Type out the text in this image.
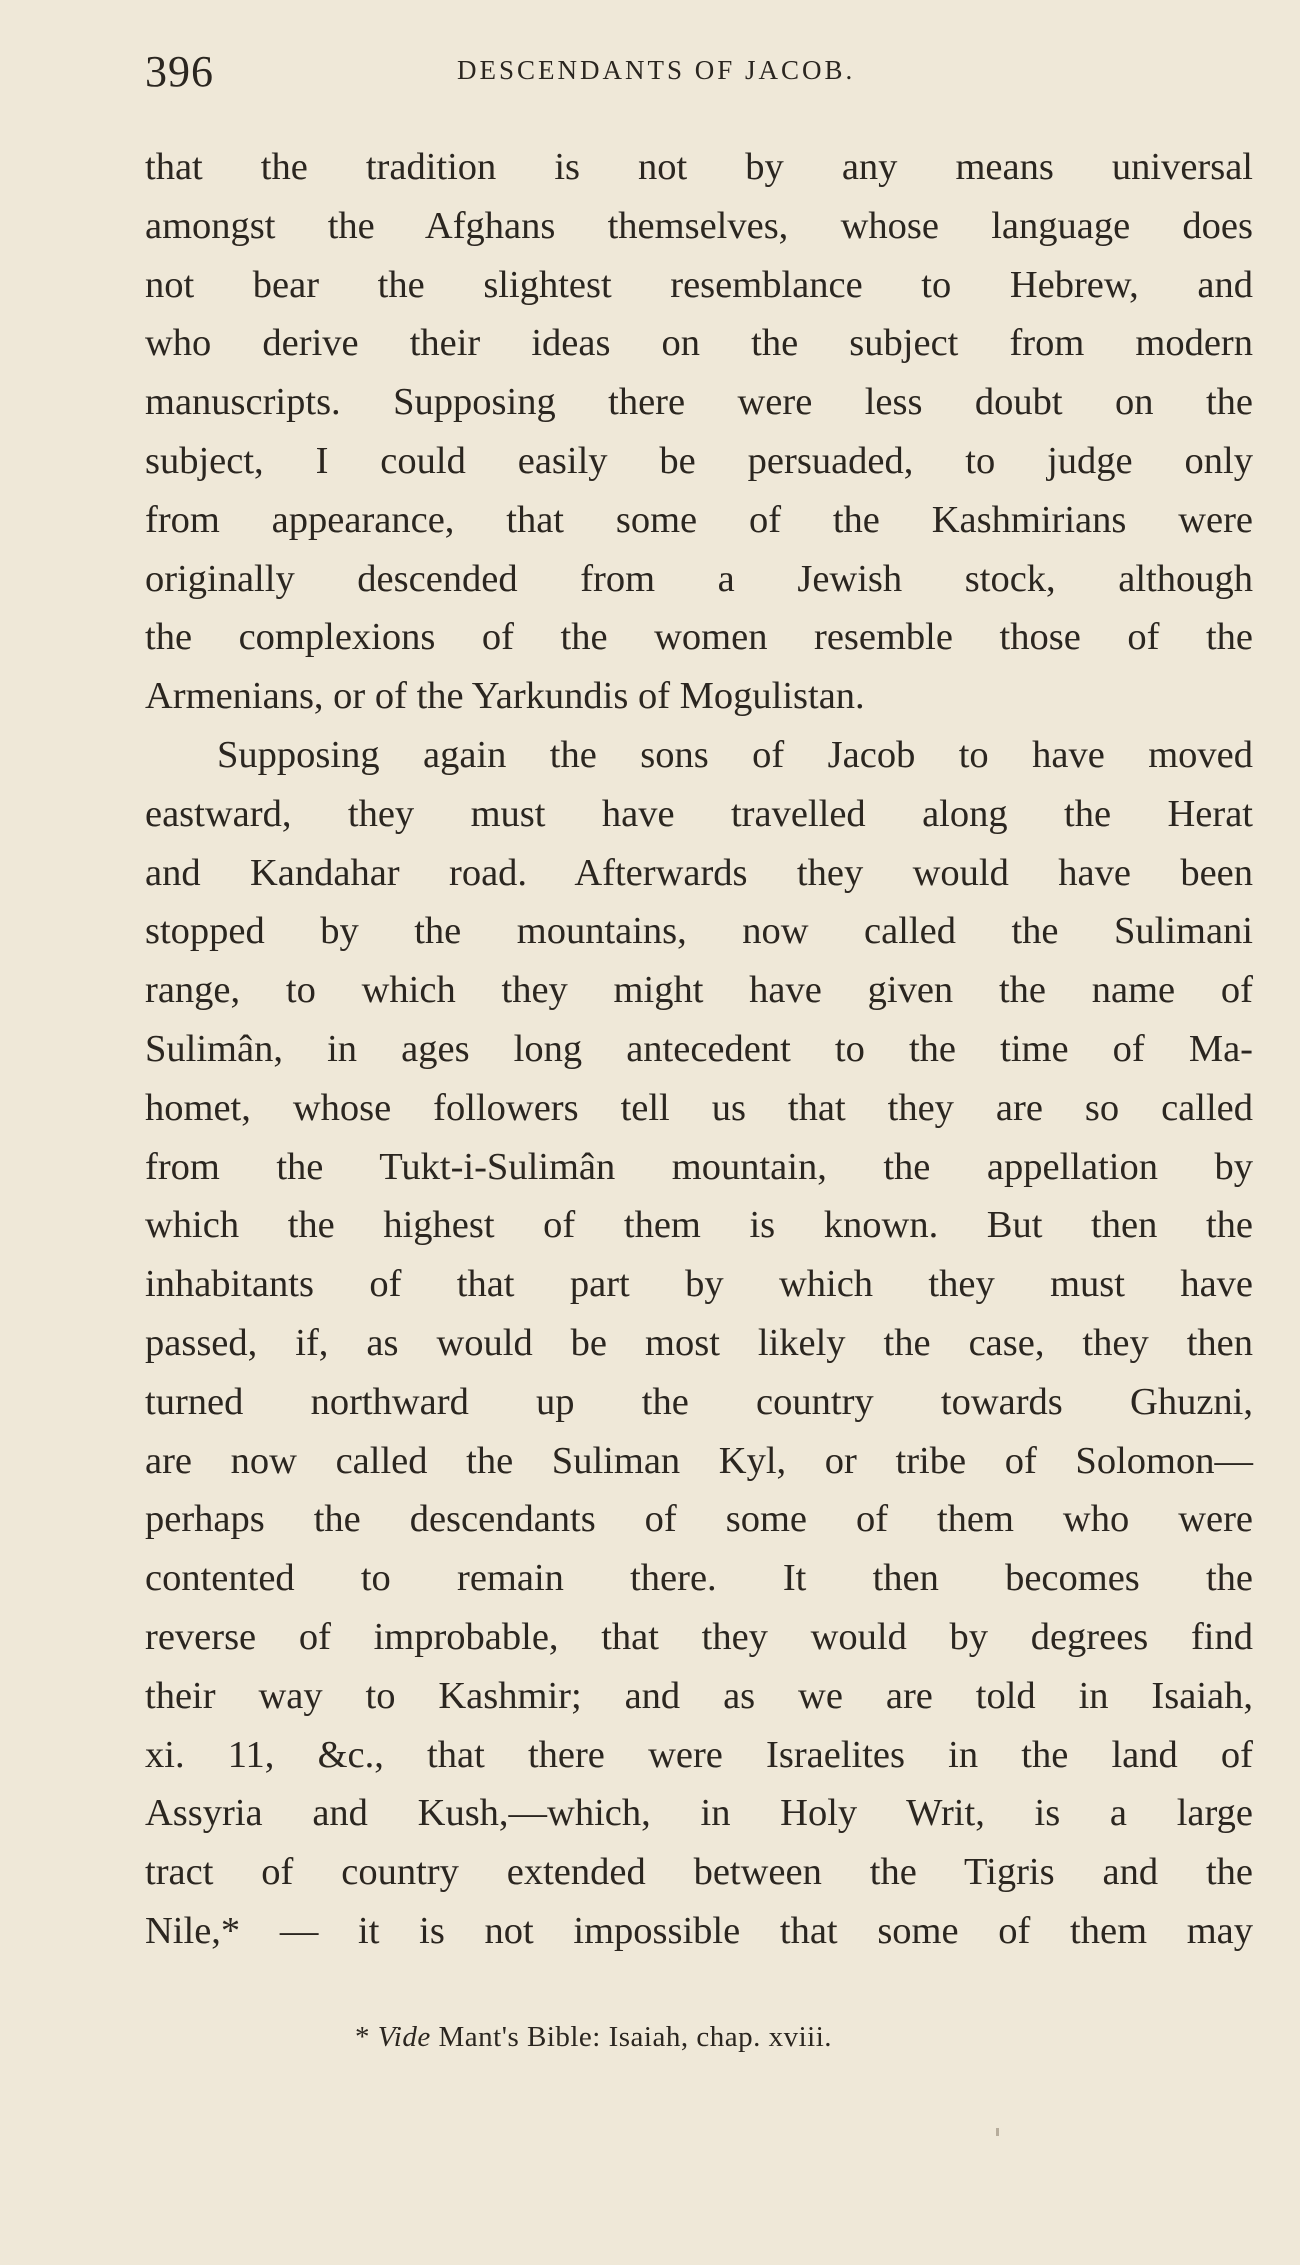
396	DESCENDANTS OF JACOB.
that the tradition is not by any means universal
amongst the Afghans themselves, whose language does
not bear the slightest resemblance to Hebrew, and
who derive their ideas on the subject from modern
manuscripts. Supposing there were less doubt on the
subject, I could easily be persuaded, to judge only
from appearance, that some of the Kashmirians were
originally descended from a Jewish stock, although
the complexions of the women resemble those of the
Armenians, or of the Yarkundis of Mogulistan.
Supposing again the sons of Jacob to have moved
eastward, they must have travelled along the Herat
and Kandahar road. Afterwards they would have been
stopped by the mountains, now called the Sulimani
range, to which they might have given the name of
Sulimân, in ages long antecedent to the time of Ma-
homet, whose followers tell us that they are so called
from the Tukt-i-Sulimân mountain, the appellation by
which the highest of them is known. But then the
inhabitants of that part by which they must have
passed, if, as would be most likely the case, they then
turned northward up the country towards Ghuzni,
are now called the Suliman Kyl, or tribe of Solomon—
perhaps the descendants of some of them who were
contented to remain there. It then becomes the
reverse of improbable, that they would by degrees find
their way to Kashmir; and as we are told in Isaiah,
xi. 11, &c., that there were Israelites in the land of
Assyria and Kush,—which, in Holy Writ, is a large
tract of country extended between the Tigris and the
Nile,* — it is not impossible that some of them may
* Vide Mant's Bible: Isaiah, chap. xviii.
